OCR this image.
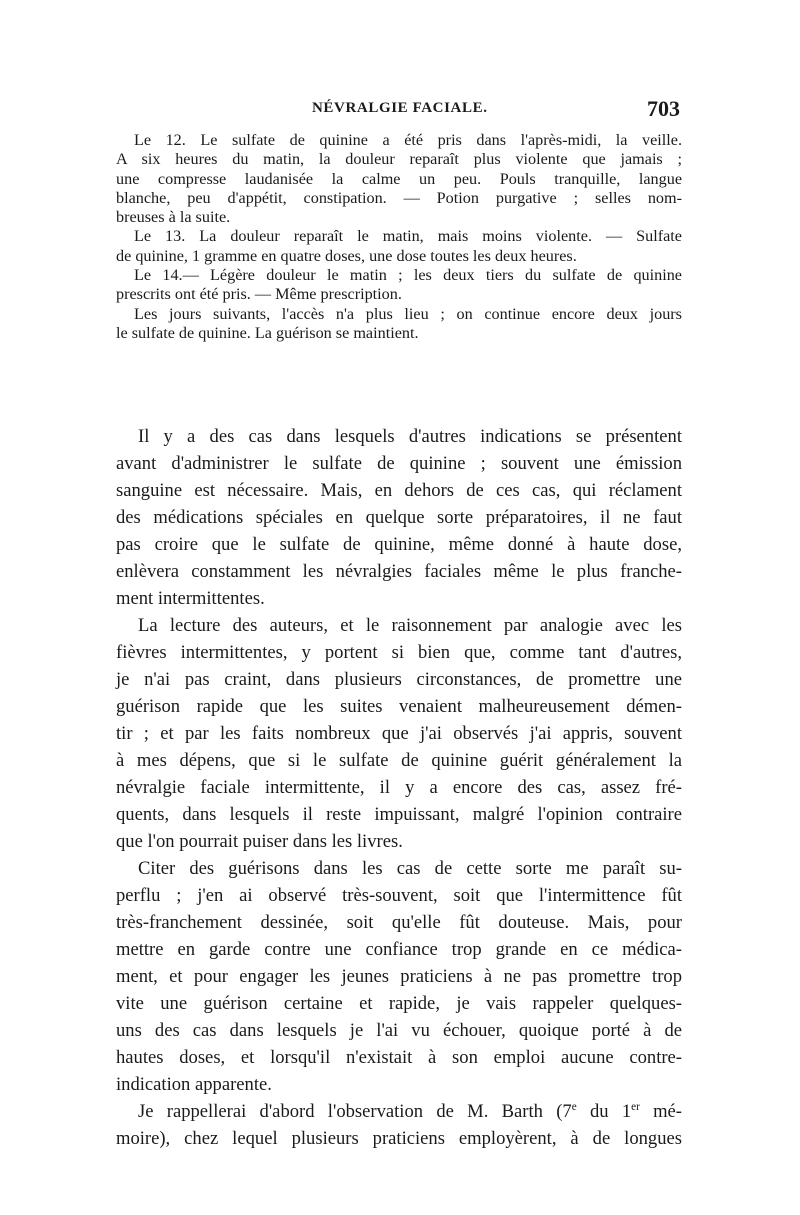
NÉVRALGIE FACIALE.	703

Le 12. Le sulfate de quinine a été pris dans l'après-midi, la veille.
A six heures du matin, la douleur reparaît plus violente que jamais ;
une compresse laudanisée la calme un peu. Pouls tranquille, langue
blanche, peu d'appétit, constipation. — Potion purgative ; selles nom-
breuses à la suite.

Le 13. La douleur reparaît le matin, mais moins violente. — Sulfate
de quinine, 1 gramme en quatre doses, une dose toutes les deux heures.

Le 14.— Légère douleur le matin ; les deux tiers du sulfate de quinine
prescrits ont été pris. — Même prescription.

Les jours suivants, l'accès n'a plus lieu ; on continue encore deux jours
le sulfate de quinine. La guérison se maintient.

Il y a des cas dans lesquels d'autres indications se présentent
avant d'administrer le sulfate de quinine ; souvent une émission
sanguine est nécessaire. Mais, en dehors de ces cas, qui réclament
des médications spéciales en quelque sorte préparatoires, il ne faut
pas croire que le sulfate de quinine, même donné à haute dose,
enlèvera constamment les névralgies faciales même le plus franche-
ment intermittentes.

La lecture des auteurs, et le raisonnement par analogie avec les
fièvres intermittentes, y portent si bien que, comme tant d'autres,
je n'ai pas craint, dans plusieurs circonstances, de promettre une
guérison rapide que les suites venaient malheureusement démen-
tir ; et par les faits nombreux que j'ai observés j'ai appris, souvent
à mes dépens, que si le sulfate de quinine guérit généralement la
névralgie faciale intermittente, il y a encore des cas, assez fré-
quents, dans lesquels il reste impuissant, malgré l'opinion contraire
que l'on pourrait puiser dans les livres.

Citer des guérisons dans les cas de cette sorte me paraît su-
perflu ; j'en ai observé très-souvent, soit que l'intermittence fût
très-franchement dessinée, soit qu'elle fût douteuse. Mais, pour
mettre en garde contre une confiance trop grande en ce médica-
ment, et pour engager les jeunes praticiens à ne pas promettre trop
vite une guérison certaine et rapide, je vais rappeler quelques-
uns des cas dans lesquels je l'ai vu échouer, quoique porté à de
hautes doses, et lorsqu'il n'existait à son emploi aucune contre-
indication apparente.

Je rappellerai d'abord l'observation de M. Barth (7e du 1er mé-
moire), chez lequel plusieurs praticiens employèrent, à de longues
